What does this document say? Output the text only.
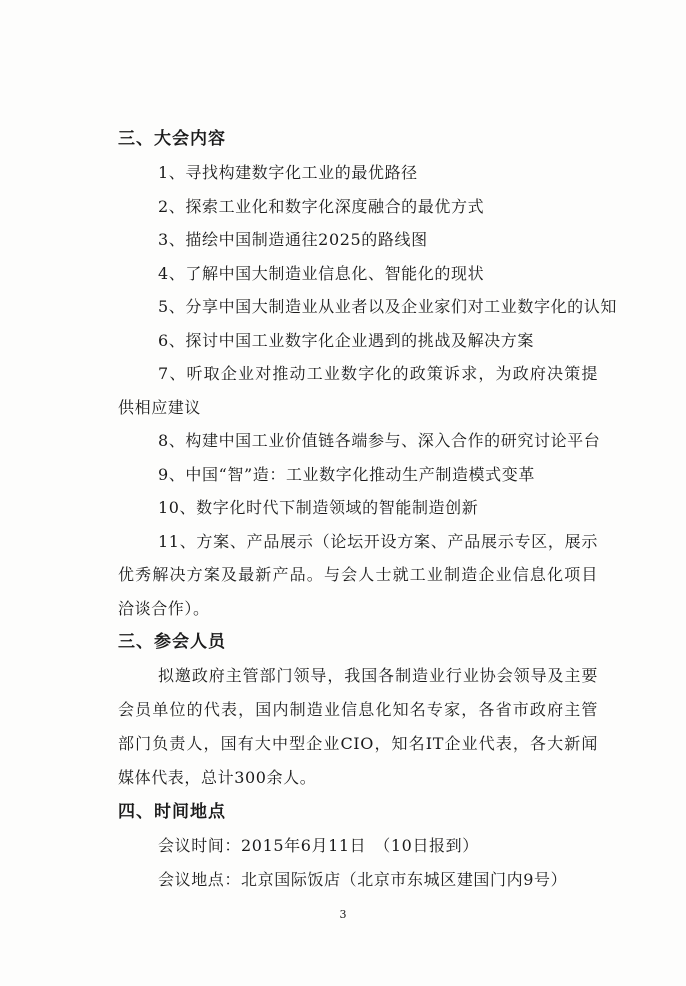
三、大会内容

1、寻找构建数字化工业的最优路径

2、探索工业化和数字化深度融合的最优方式

3、描绘中国制造通往2025的路线图

4、了解中国大制造业信息化、智能化的现状

5、分享中国大制造业从业者以及企业家们对工业数字化的认知

6、探讨中国工业数字化企业遇到的挑战及解决方案

7、听取企业对推动工业数字化的政策诉求，为政府决策提供相应建议

8、构建中国工业价值链各端参与、深入合作的研究讨论平台

9、中国“智”造：工业数字化推动生产制造模式变革

10、数字化时代下制造领域的智能制造创新

11、方案、产品展示（论坛开设方案、产品展示专区，展示优秀解决方案及最新产品。与会人士就工业制造企业信息化项目洽谈合作）。

三、参会人员

拟邀政府主管部门领导，我国各制造业行业协会领导及主要会员单位的代表，国内制造业信息化知名专家，各省市政府主管部门负责人，国有大中型企业CIO，知名IT企业代表，各大新闻媒体代表，总计300余人。

四、时间地点
会议时间：2015年6月11日 （10日报到）
会议地点：北京国际饭店（北京市东城区建国门内9号）
3
